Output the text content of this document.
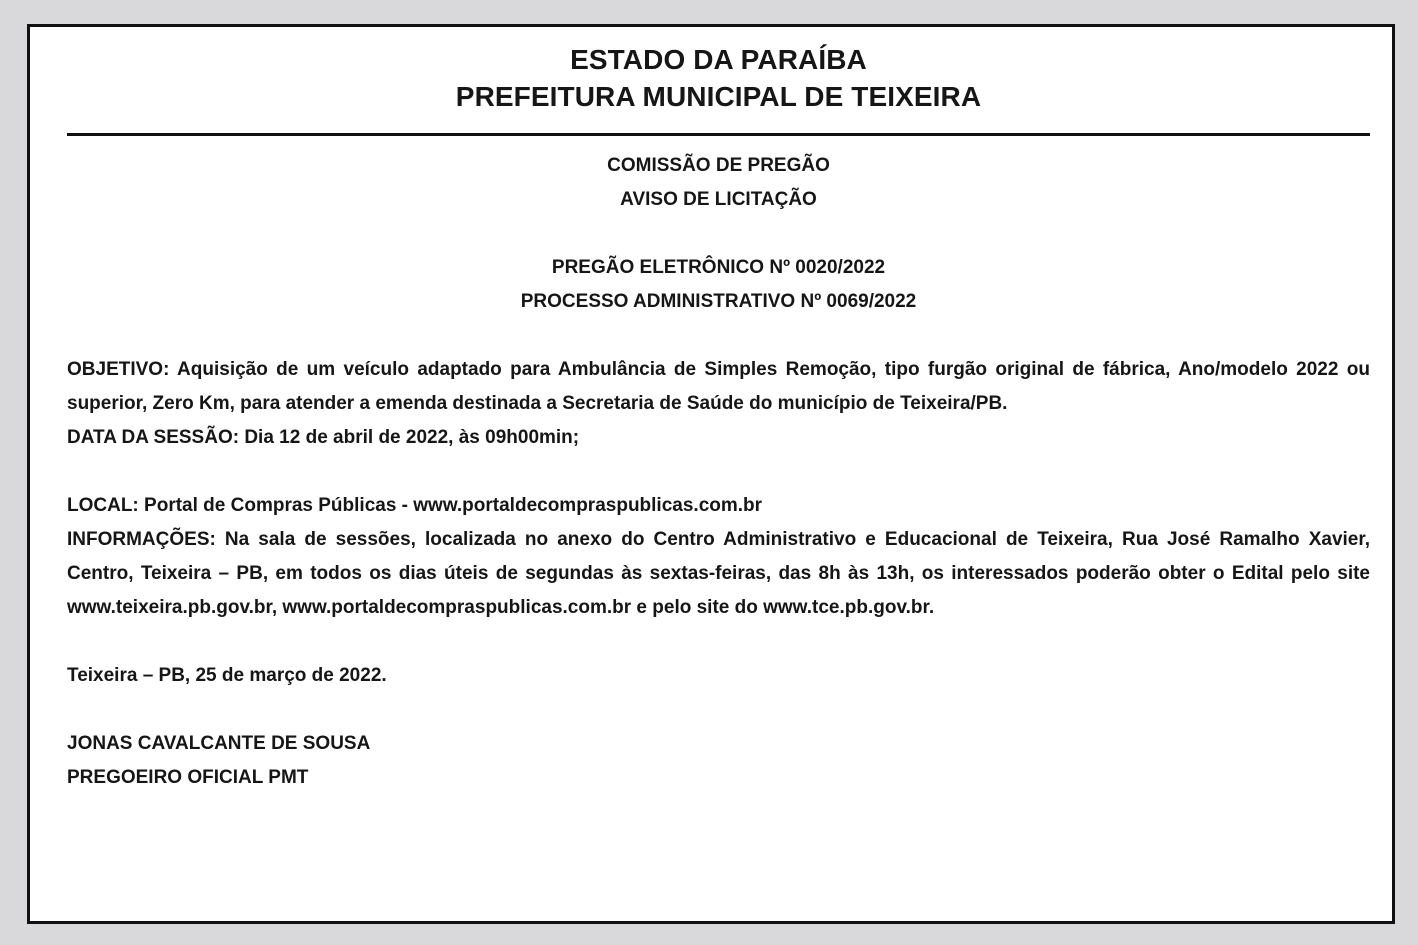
ESTADO DA PARAÍBA
PREFEITURA MUNICIPAL DE TEIXEIRA
COMISSÃO DE PREGÃO
AVISO DE LICITAÇÃO
PREGÃO ELETRÔNICO Nº 0020/2022
PROCESSO ADMINISTRATIVO Nº 0069/2022

OBJETIVO: Aquisição de um veículo adaptado para Ambulância de Simples Remoção, tipo furgão original de fábrica, Ano/modelo 2022 ou superior, Zero Km, para atender a emenda destinada a Secretaria de Saúde do município de Teixeira/PB.

DATA DA SESSÃO: Dia 12 de abril de 2022, às 09h00min;

LOCAL: Portal de Compras Públicas - www.portaldecompraspublicas.com.br

INFORMAÇÕES: Na sala de sessões, localizada no anexo do Centro Administrativo e Educacional de Teixeira, Rua José Ramalho Xavier, Centro, Teixeira – PB, em todos os dias úteis de segundas às sextas-feiras, das 8h às 13h, os interessados poderão obter o Edital pelo site www.teixeira.pb.gov.br, www.portaldecompraspublicas.com.br e pelo site do www.tce.pb.gov.br.

Teixeira – PB, 25 de março de 2022.

JONAS CAVALCANTE DE SOUSA

PREGOEIRO OFICIAL PMT
